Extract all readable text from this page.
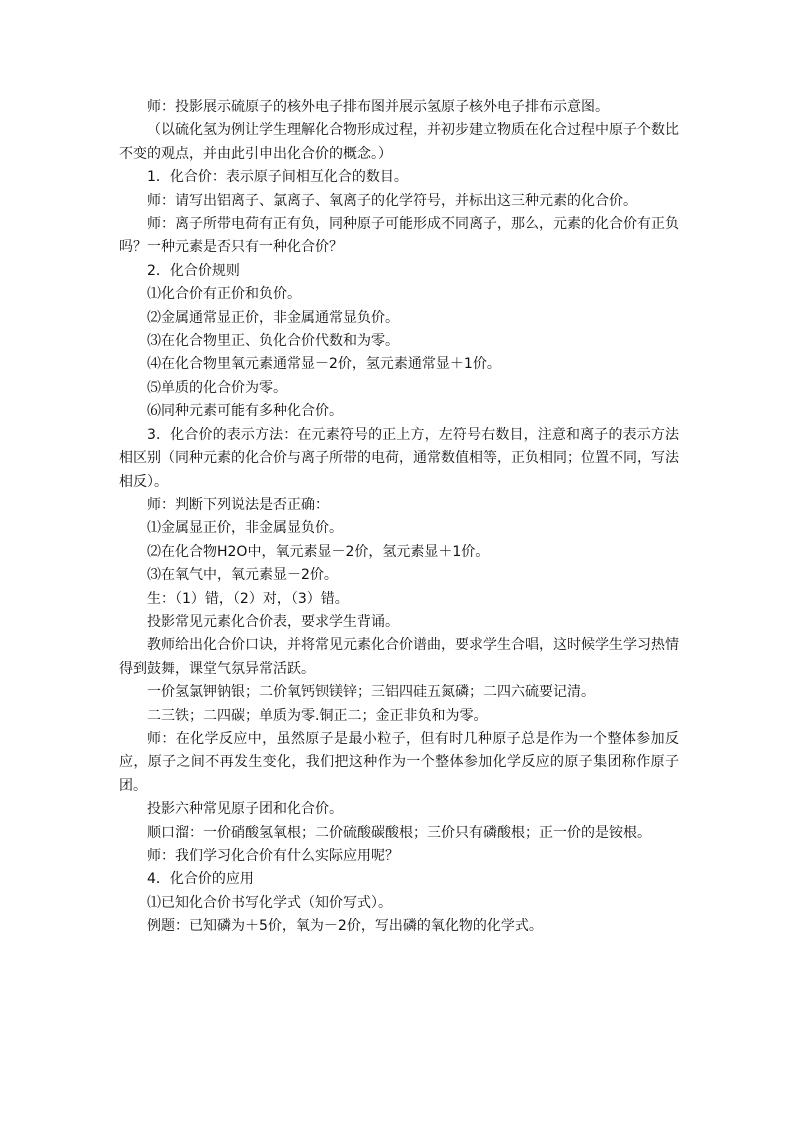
师：投影展示硫原子的核外电子排布图并展示氢原子核外电子排布示意图。

（以硫化氢为例让学生理解化合物形成过程，并初步建立物质在化合过程中原子个数比不变的观点，并由此引申出化合价的概念。）

1．化合价：表示原子间相互化合的数目。

师：请写出铝离子、氯离子、氧离子的化学符号，并标出这三种元素的化合价。

师：离子所带电荷有正有负，同种原子可能形成不同离子，那么，元素的化合价有正负吗？一种元素是否只有一种化合价？

2．化合价规则

⑴化合价有正价和负价。

⑵金属通常显正价，非金属通常显负价。

⑶在化合物里正、负化合价代数和为零。

⑷在化合物里氧元素通常显－2价，氢元素通常显＋1价。

⑸单质的化合价为零。

⑹同种元素可能有多种化合价。

3．化合价的表示方法：在元素符号的正上方，左符号右数目，注意和离子的表示方法相区别（同种元素的化合价与离子所带的电荷，通常数值相等，正负相同；位置不同，写法相反）。

师：判断下列说法是否正确：

⑴金属显正价，非金属显负价。

⑵在化合物H2O中，氧元素显－2价，氢元素显＋1价。

⑶在氧气中，氧元素显－2价。

生：（1）错，（2）对，（3）错。

投影常见元素化合价表，要求学生背诵。

教师给出化合价口诀，并将常见元素化合价谱曲，要求学生合唱，这时候学生学习热情得到鼓舞，课堂气氛异常活跃。

一价氢氯钾钠银；二价氧钙钡镁锌；三铝四硅五氮磷；二四六硫要记清。

二三铁；二四碳；单质为零.铜正二；金正非负和为零。

师：在化学反应中，虽然原子是最小粒子，但有时几种原子总是作为一个整体参加反应，原子之间不再发生变化，我们把这种作为一个整体参加化学反应的原子集团称作原子团。

投影六种常见原子团和化合价。

顺口溜：一价硝酸氢氧根；二价硫酸碳酸根；三价只有磷酸根；正一价的是铵根。

师：我们学习化合价有什么实际应用呢？

4．化合价的应用

⑴已知化合价书写化学式（知价写式）。

例题：已知磷为＋5价，氧为－2价，写出磷的氧化物的化学式。
